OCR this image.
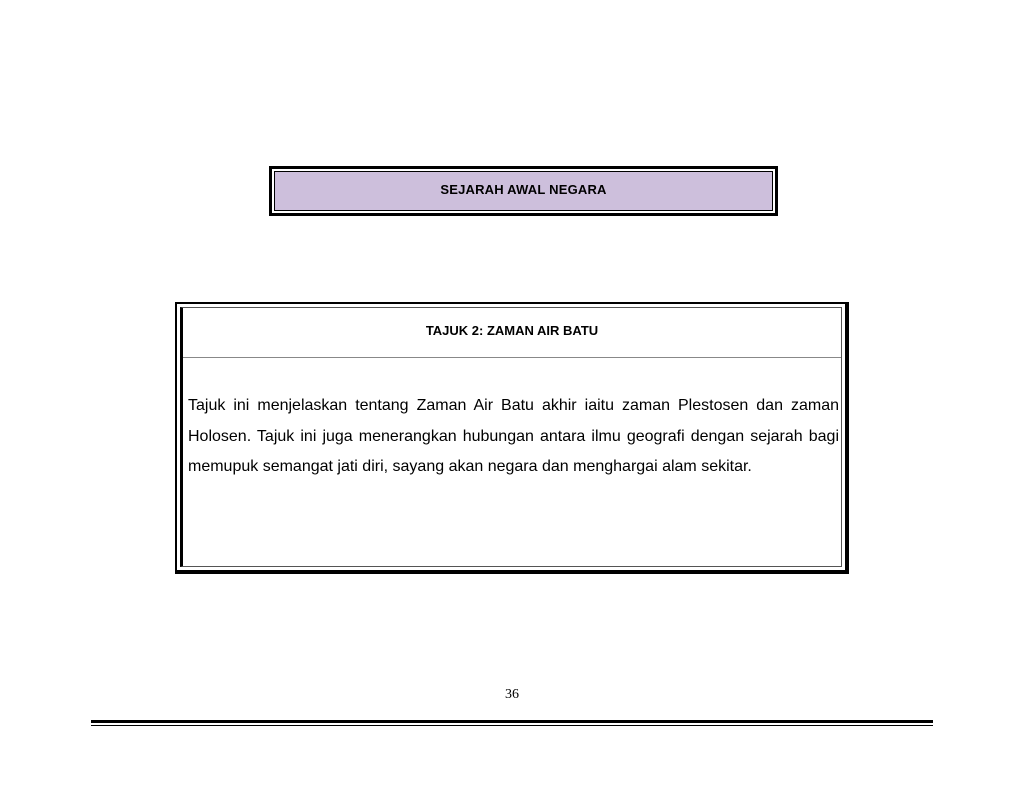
SEJARAH AWAL NEGARA
TAJUK 2: ZAMAN AIR BATU
Tajuk ini menjelaskan tentang Zaman Air Batu akhir iaitu zaman Plestosen dan zaman Holosen. Tajuk ini juga menerangkan hubungan antara ilmu geografi dengan sejarah bagi memupuk semangat jati diri, sayang akan negara dan menghargai alam sekitar.
36
